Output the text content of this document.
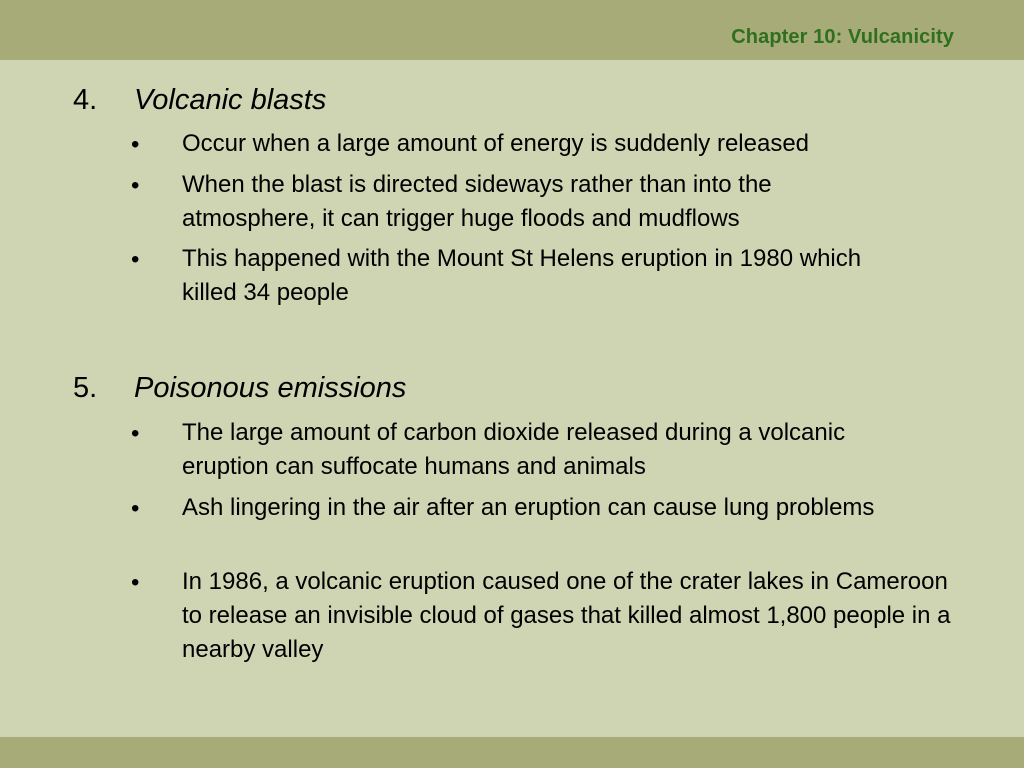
Chapter 10: Vulcanicity
4. Volcanic blasts
• Occur when a large amount of energy is suddenly released
• When the blast is directed sideways rather than into the atmosphere, it can trigger huge floods and mudflows
• This happened with the Mount St Helens eruption in 1980 which killed 34 people
5. Poisonous emissions
• The large amount of carbon dioxide released during a volcanic eruption can suffocate humans and animals
• Ash lingering in the air after an eruption can cause lung problems
• In 1986, a volcanic eruption caused one of the crater lakes in Cameroon to release an invisible cloud of gases that killed almost 1,800 people in a nearby valley
